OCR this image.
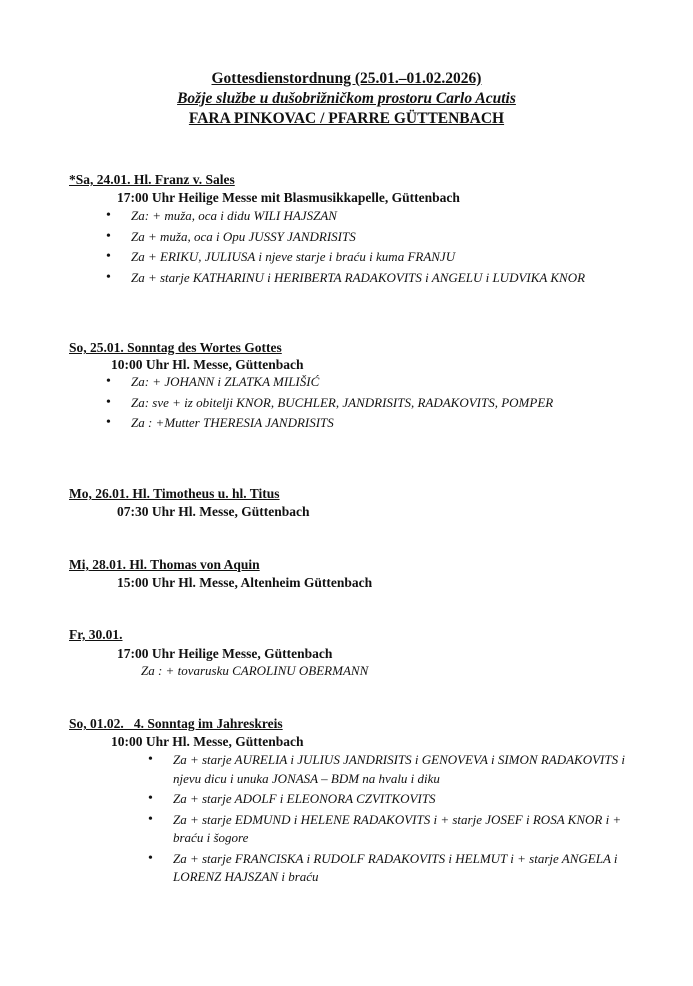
Gottesdienstordnung (25.01.–01.02.2026)
Božje službe u dušobrižničkom prostoru Carlo Acutis
FARA PINKOVAC / PFARRE GÜTTENBACH
*Sa, 24.01. Hl. Franz v. Sales
17:00 Uhr Heilige Messe mit Blasmusikkapelle, Güttenbach
• Za: + muža, oca i didu WILI HAJSZAN
• Za + muža, oca i Opu JUSSY JANDRISITS
• Za + ERIKU, JULIUSA i njeve starje i braću i kuma FRANJU
• Za + starje KATHARINU i HERIBERTA RADAKOVITS i ANGELU i LUDVIKA KNOR
So, 25.01. Sonntag des Wortes Gottes
10:00 Uhr Hl. Messe, Güttenbach
• Za: + JOHANN i ZLATKA MILIŠIĆ
• Za: sve + iz obitelji KNOR, BUCHLER, JANDRISITS, RADAKOVITS, POMPER
• Za : +Mutter THERESIA JANDRISITS
Mo, 26.01. Hl. Timotheus u. hl. Titus
07:30 Uhr Hl. Messe, Güttenbach
Mi, 28.01. Hl. Thomas von Aquin
15:00 Uhr Hl. Messe, Altenheim Güttenbach
Fr, 30.01.
17:00 Uhr Heilige Messe, Güttenbach
Za : + tovarusku CAROLINU OBERMANN
So, 01.02.   4. Sonntag im Jahreskreis
10:00 Uhr Hl. Messe, Güttenbach
• Za + starje AURELIA i JULIUS JANDRISITS i GENOVEVA i SIMON RADAKOVITS i njevu dicu i unuka JONASA – BDM na hvalu i diku
• Za + starje ADOLF i ELEONORA CZVITKOVITS
• Za + starje EDMUND i HELENE RADAKOVITS i + starje JOSEF i ROSA KNOR i + braću i šogore
• Za + starje FRANCISKA i RUDOLF RADAKOVITS i HELMUT i + starje ANGELA i LORENZ HAJSZAN i braću
